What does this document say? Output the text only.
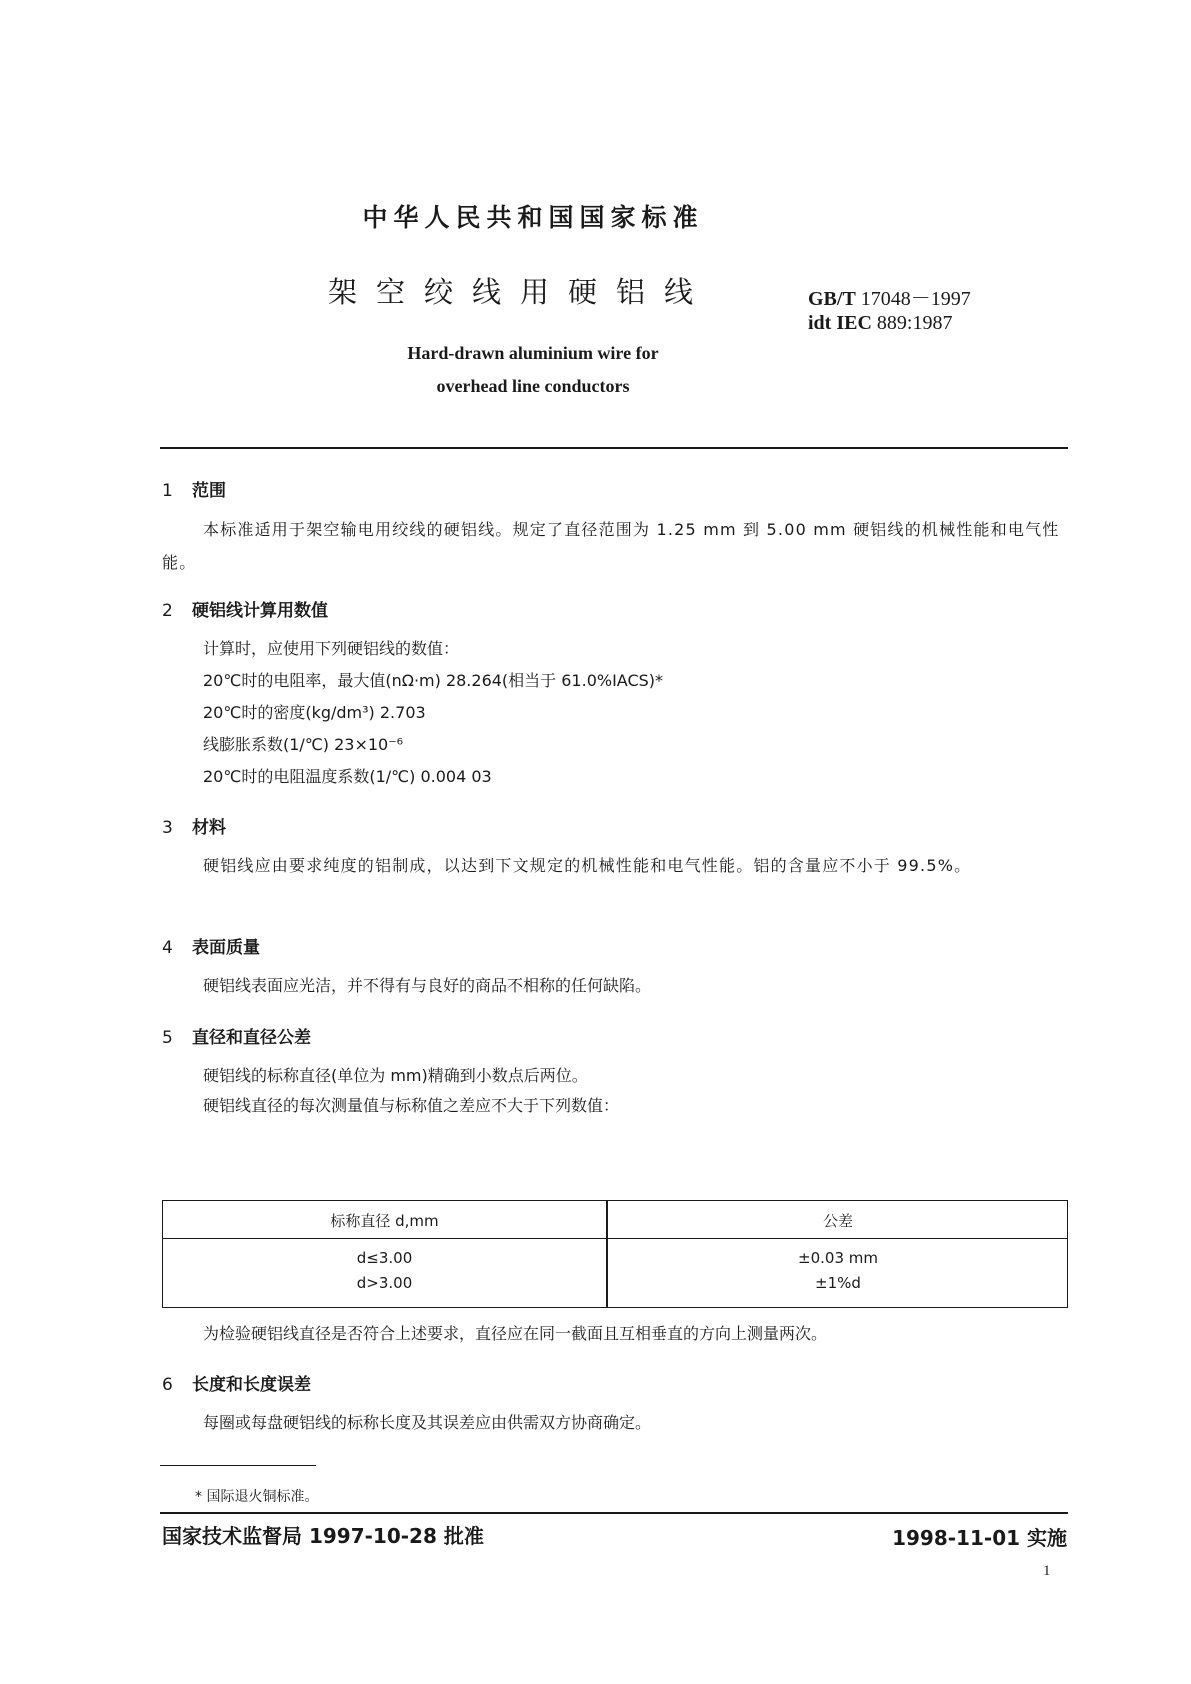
中华人民共和国国家标准
架空绞线用硬铝线	GB/T 17048－1997
idt IEC 889:1987
Hard-drawn aluminium wire for
overhead line conductors
1 范围
本标准适用于架空输电用绞线的硬铝线。规定了直径范围为 1.25 mm 到 5.00 mm 硬铝线的机械性能和电气性能。
2 硬铝线计算用数值
计算时，应使用下列硬铝线的数值：
20℃时的电阻率，最大值(nΩ·m) 28.264(相当于 61.0%IACS)*
20℃时的密度(kg/dm³) 2.703
线膨胀系数(1/℃) 23×10⁻⁶
20℃时的电阻温度系数(1/℃) 0.004 03
3 材料
硬铝线应由要求纯度的铝制成，以达到下文规定的机械性能和电气性能。铝的含量应不小于 99.5%。
4 表面质量
硬铝线表面应光洁，并不得有与良好的商品不相称的任何缺陷。
5 直径和直径公差
硬铝线的标称直径(单位为 mm)精确到小数点后两位。
硬铝线直径的每次测量值与标称值之差应不大于下列数值：
标称直径 d,mm	公差
d≤3.00	±0.03 mm
d>3.00	±1%d
为检验硬铝线直径是否符合上述要求，直径应在同一截面且互相垂直的方向上测量两次。
6 长度和长度误差
每圈或每盘硬铝线的标称长度及其误差应由供需双方协商确定。
* 国际退火铜标准。
国家技术监督局 1997-10-28 批准	1998-11-01 实施
1
